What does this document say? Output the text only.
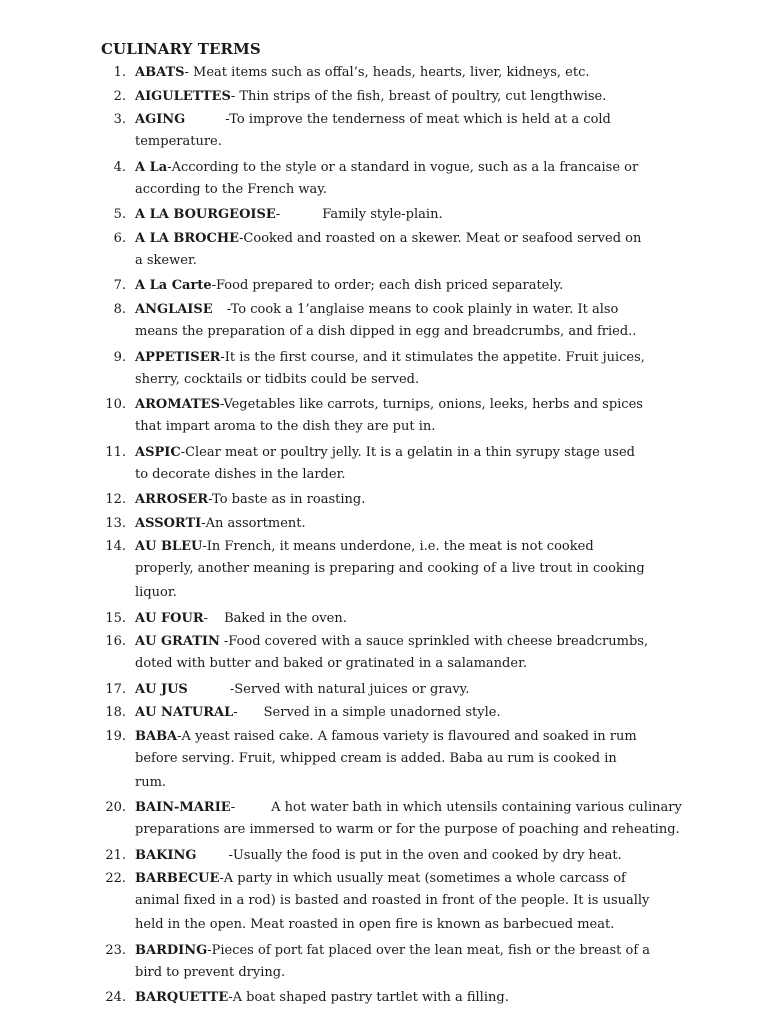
CULINARY TERMS
1. ABATS- Meat items such as offal’s, heads, hearts, liver, kidneys, etc.
2. AIGULETTES- Thin strips of the fish, breast of poultry, cut lengthwise.
3. AGING	-To improve the tenderness of meat which is held at a cold
temperature.
4. A La-According to the style or a standard in vogue, such as a la francaise or
according to the French way.
5. A LA BOURGEOISE-	Family style-plain.
6. A LA BROCHE-Cooked and roasted on a skewer. Meat or seafood served on
a skewer.
7. A La Carte-Food prepared to order; each dish priced separately.
8. ANGLAISE -To cook a 1’anglaise means to cook plainly in water. It also
means the preparation of a dish dipped in egg and breadcrumbs, and fried..
9. APPETISER-It is the first course, and it stimulates the appetite. Fruit juices,
sherry, cocktails or tidbits could be served.
10. AROMATES-Vegetables like carrots, turnips, onions, leeks, herbs and spices
that impart aroma to the dish they are put in.
11. ASPIC-Clear meat or poultry jelly. It is a gelatin in a thin syrupy stage used
to decorate dishes in the larder.
12. ARROSER-To baste as in roasting.
13. ASSORTI-An assortment.
14. AU BLEU-In French, it means underdone, i.e. the meat is not cooked
properly, another meaning is preparing and cooking of a live trout in cooking
liquor.
15. AU FOUR- Baked in the oven.
16. AU GRATIN -Food covered with a sauce sprinkled with cheese breadcrumbs,
doted with butter and baked or gratinated in a salamander.
17. AU JUS	-Served with natural juices or gravy.
18. AU NATURAL- Served in a simple unadorned style.
19. BABA-A yeast raised cake. A famous variety is flavoured and soaked in rum
before serving. Fruit, whipped cream is added. Baba au rum is cooked in
rum.
20. BAIN-MARIE-	A hot water bath in which utensils containing various culinary
preparations are immersed to warm or for the purpose of poaching and reheating.
21. BAKING -Usually the food is put in the oven and cooked by dry heat.
22. BARBECUE-A party in which usually meat (sometimes a whole carcass of
animal fixed in a rod) is basted and roasted in front of the people. It is usually
held in the open. Meat roasted in open fire is known as barbecued meat.
23. BARDING-Pieces of port fat placed over the lean meat, fish or the breast of a
bird to prevent drying.
24. BARQUETTE-A boat shaped pastry tartlet with a filling.
